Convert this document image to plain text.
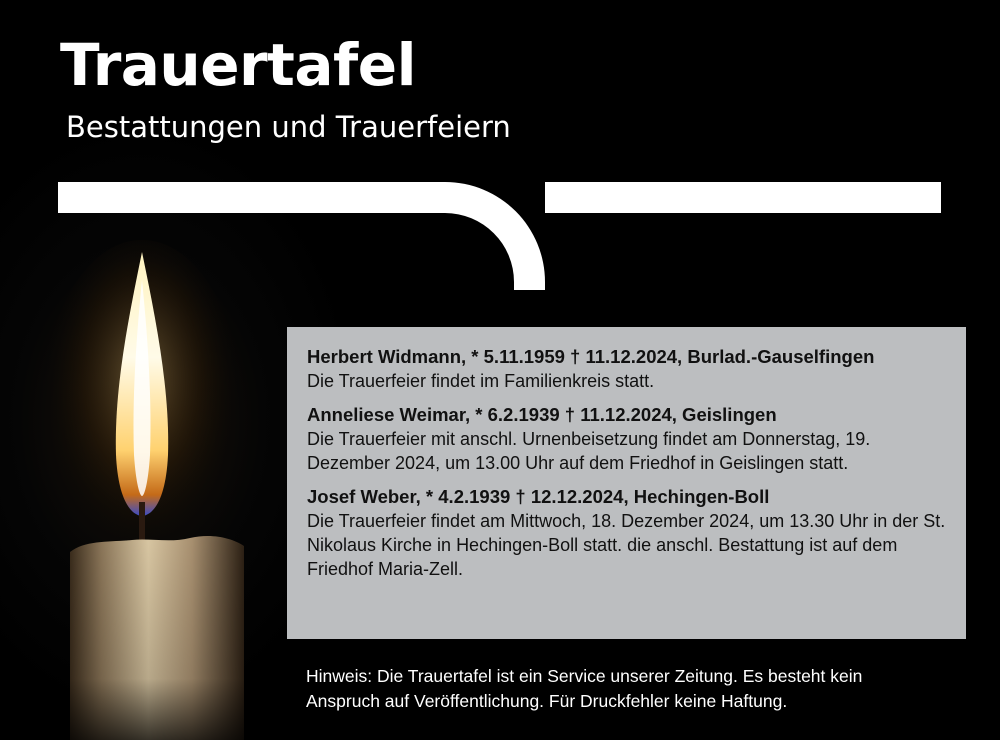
Trauertafel
Bestattungen und Trauerfeiern

Herbert Widmann, * 5.11.1959 † 11.12.2024, Burlad.-Gauselfingen

Die Trauerfeier findet im Familienkreis statt.

Anneliese Weimar, * 6.2.1939 † 11.12.2024, Geislingen

Die Trauerfeier mit anschl. Urnenbeisetzung findet am Donnerstag, 19. Dezember 2024, um 13.00 Uhr auf dem Friedhof in Geislingen statt.

Josef Weber, * 4.2.1939 † 12.12.2024, Hechingen-Boll

Die Trauerfeier findet am Mittwoch, 18. Dezember 2024, um 13.30 Uhr in der St. Nikolaus Kirche in Hechingen-Boll statt. die anschl. Bestattung ist auf dem Friedhof Maria-Zell.

Hinweis: Die Trauertafel ist ein Service unserer Zeitung. Es besteht kein Anspruch auf Veröffentlichung. Für Druckfehler keine Haftung.
